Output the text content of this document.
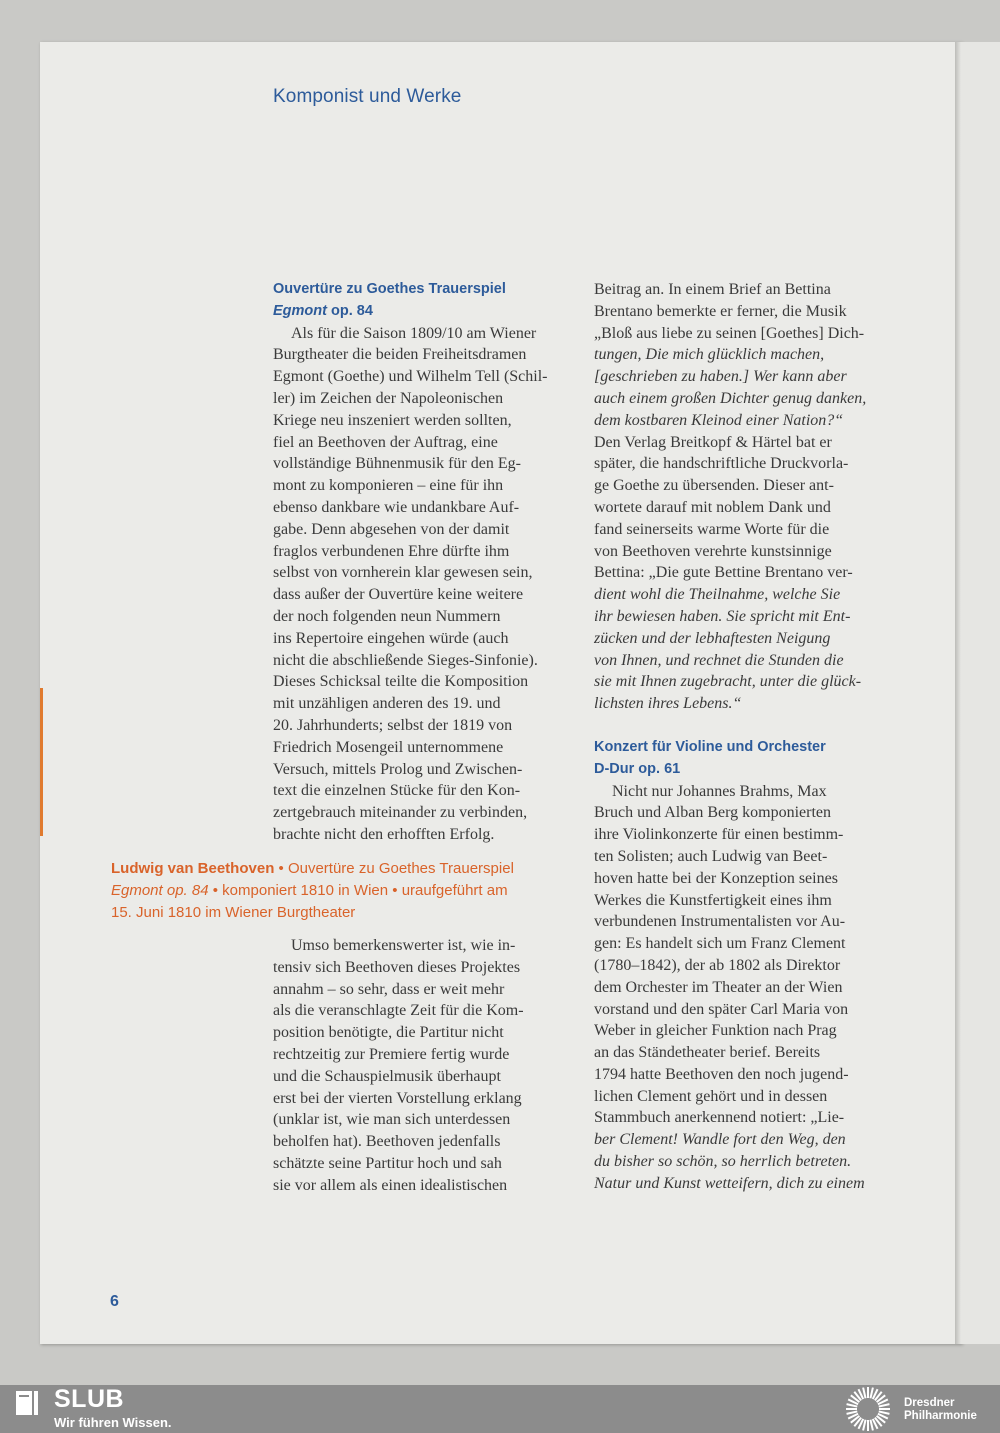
Komponist und Werke
Ouvertüre zu Goethes Trauerspiel
Egmont op. 84
Als für die Saison 1809/10 am Wiener
Burgtheater die beiden Freiheitsdramen
Egmont (Goethe) und Wilhelm Tell (Schil-
ler) im Zeichen der Napoleonischen
Kriege neu inszeniert werden sollten,
fiel an Beethoven der Auftrag, eine
vollständige Bühnenmusik für den Eg-
mont zu komponieren – eine für ihn
ebenso dankbare wie undankbare Auf-
gabe. Denn abgesehen von der damit
fraglos verbundenen Ehre dürfte ihm
selbst von vornherein klar gewesen sein,
dass außer der Ouvertüre keine weitere
der noch folgenden neun Nummern
ins Repertoire eingehen würde (auch
nicht die abschließende Sieges-Sinfonie).
Dieses Schicksal teilte die Komposition
mit unzähligen anderen des 19. und
20. Jahrhunderts; selbst der 1819 von
Friedrich Mosengeil unternommene
Versuch, mittels Prolog und Zwischen-
text die einzelnen Stücke für den Kon-
zertgebrauch miteinander zu verbinden,
brachte nicht den erhofften Erfolg.
Ludwig van Beethoven • Ouvertüre zu Goethes Trauerspiel
Egmont op. 84 • komponiert 1810 in Wien • uraufgeführt am
15. Juni 1810 im Wiener Burgtheater
Umso bemerkenswerter ist, wie in-
tensiv sich Beethoven dieses Projektes
annahm – so sehr, dass er weit mehr
als die veranschlagte Zeit für die Kom-
position benötigte, die Partitur nicht
rechtzeitig zur Premiere fertig wurde
und die Schauspielmusik überhaupt
erst bei der vierten Vorstellung erklang
(unklar ist, wie man sich unterdessen
beholfen hat). Beethoven jedenfalls
schätzte seine Partitur hoch und sah
sie vor allem als einen idealistischen
Beitrag an. In einem Brief an Bettina
Brentano bemerkte er ferner, die Musik
„Bloß aus liebe zu seinen [Goethes] Dich-
tungen, Die mich glücklich machen,
[geschrieben zu haben.] Wer kann aber
auch einem großen Dichter genug danken,
dem kostbaren Kleinod einer Nation?“
Den Verlag Breitkopf & Härtel bat er
später, die handschriftliche Druckvorla-
ge Goethe zu übersenden. Dieser ant-
wortete darauf mit noblem Dank und
fand seinerseits warme Worte für die
von Beethoven verehrte kunstsinnige
Bettina: „Die gute Bettine Brentano ver-
dient wohl die Theilnahme, welche Sie
ihr bewiesen haben. Sie spricht mit Ent-
zücken und der lebhaftesten Neigung
von Ihnen, und rechnet die Stunden die
sie mit Ihnen zugebracht, unter die glück-
lichsten ihres Lebens.“
Konzert für Violine und Orchester
D-Dur op. 61
Nicht nur Johannes Brahms, Max
Bruch und Alban Berg komponierten
ihre Violinkonzerte für einen bestimm-
ten Solisten; auch Ludwig van Beet-
hoven hatte bei der Konzeption seines
Werkes die Kunstfertigkeit eines ihm
verbundenen Instrumentalisten vor Au-
gen: Es handelt sich um Franz Clement
(1780–1842), der ab 1802 als Direktor
dem Orchester im Theater an der Wien
vorstand und den später Carl Maria von
Weber in gleicher Funktion nach Prag
an das Ständetheater berief. Bereits
1794 hatte Beethoven den noch jugend-
lichen Clement gehört und in dessen
Stammbuch anerkennend notiert: „Lie-
ber Clement! Wandle fort den Weg, den
du bisher so schön, so herrlich betreten.
Natur und Kunst wetteifern, dich zu einem
6
SLUB
Wir führen Wissen.
Dresdner
Philharmonie
